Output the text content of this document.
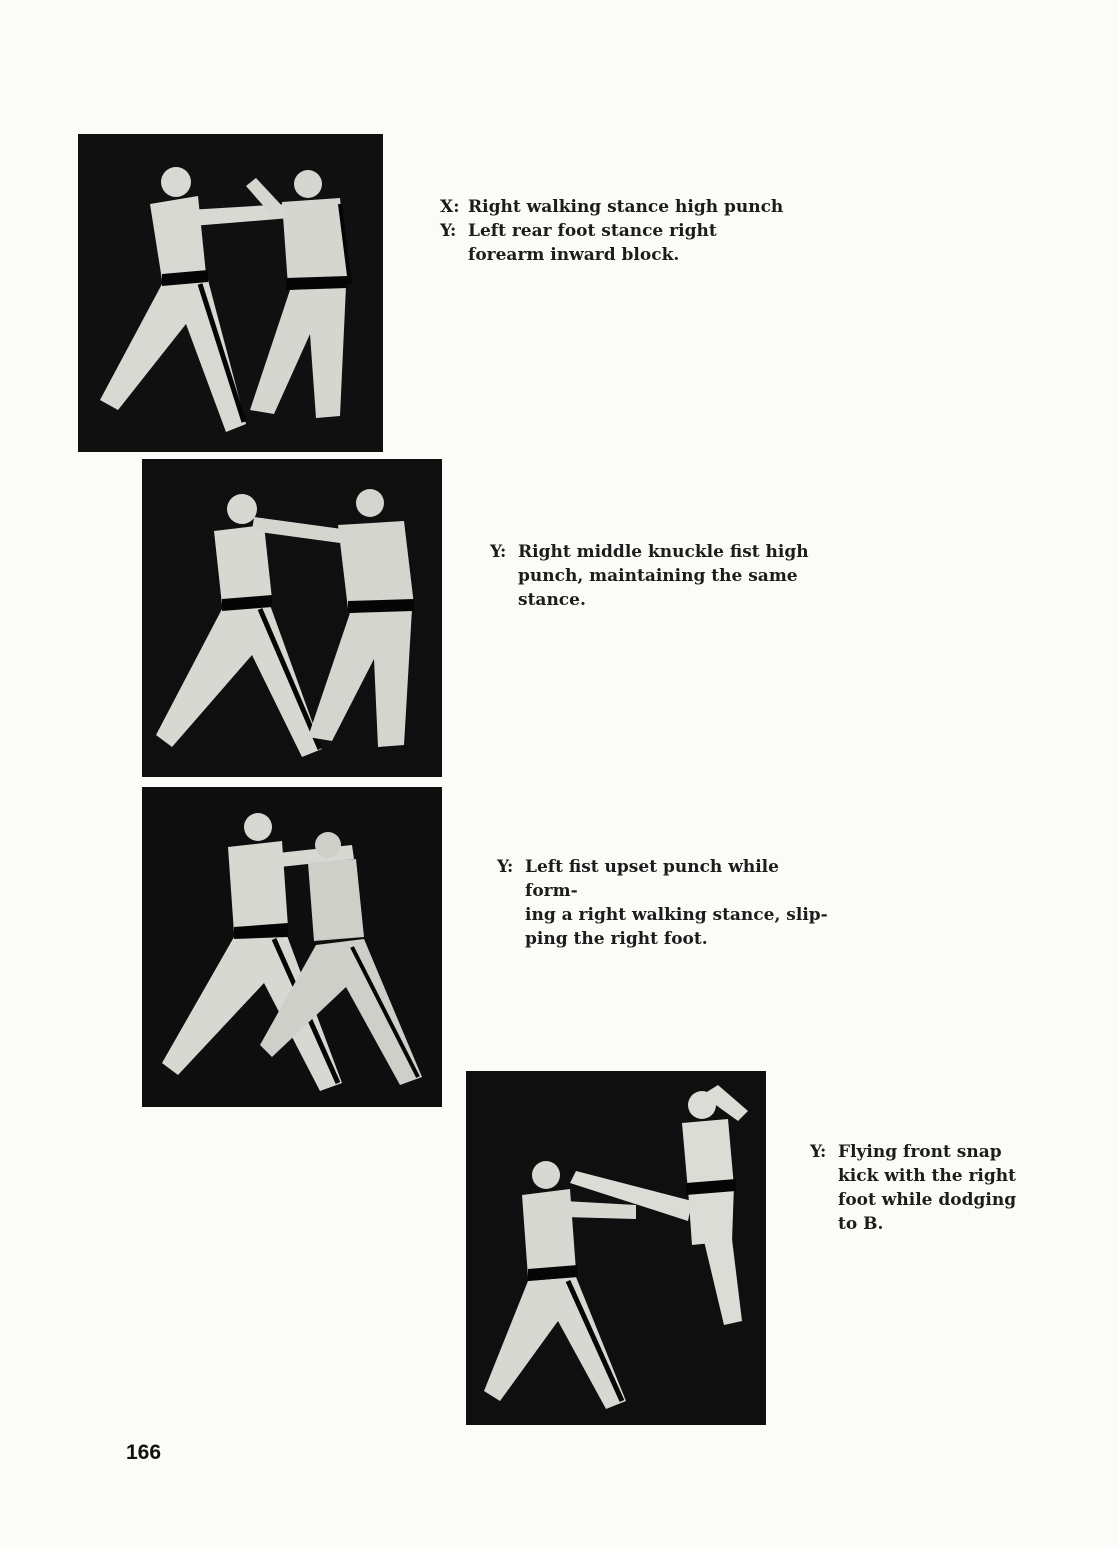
X: Right walking stance high punch
Y: Left rear foot stance right
forearm inward block.
Y: Right middle knuckle fist high
punch, maintaining the same
stance.
Y: Left fist upset punch while form-
ing a right walking stance, slip-
ping the right foot.
Y: Flying front snap
kick with the right
foot while dodging
to B.
166
